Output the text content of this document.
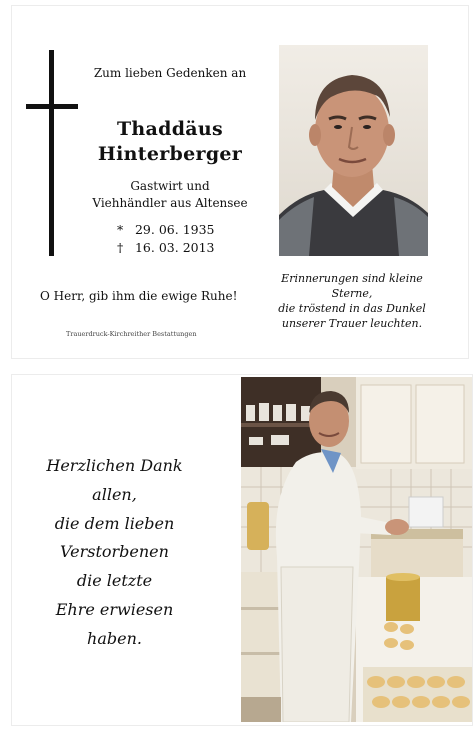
Zum lieben Gedenken an
Thaddäus
Hinterberger
Gastwirt und
Viehhändler aus Altensee
* 29. 06. 1935
† 16. 03. 2013
O Herr, gib ihm die ewige Ruhe!
Trauerdruck-Kirchreither Bestattungen
Erinnerungen sind kleine Sterne,
die tröstend in das Dunkel
unserer Trauer leuchten.
Herzlichen Dank
allen,
die dem lieben
Verstorbenen
die letzte
Ehre erwiesen
haben.
